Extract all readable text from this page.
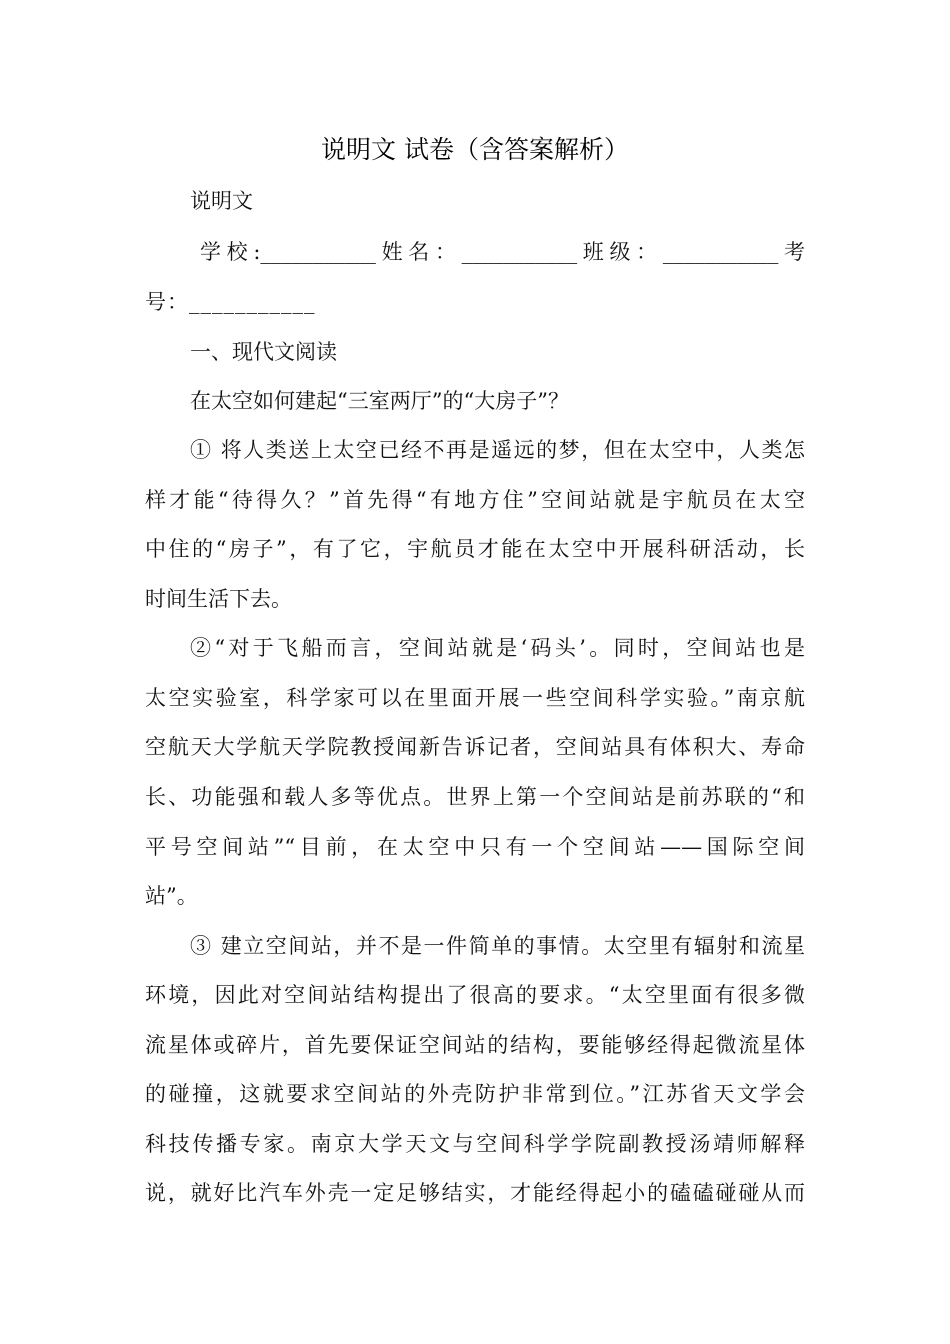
说明文 试卷（含答案解析）
说明文
学校:___________姓名：___________班级：___________考
号：___________
一、现代文阅读
在太空如何建起“三室两厅”的“大房子”？
① 将人类送上太空已经不再是遥远的梦，但在太空中，人类怎
样才能“待得久？”首先得“有地方住”空间站就是宇航员在太空
中住的“房子”，有了它，宇航员才能在太空中开展科研活动，长
时间生活下去。
②“对于飞船而言，空间站就是‘码头’。同时，空间站也是
太空实验室，科学家可以在里面开展一些空间科学实验。”南京航
空航天大学航天学院教授闻新告诉记者，空间站具有体积大、寿命
长、功能强和载人多等优点。世界上第一个空间站是前苏联的“和
平号空间站”“目前，在太空中只有一个空间站——国际空间
站”。
③ 建立空间站，并不是一件简单的事情。太空里有辐射和流星
环境，因此对空间站结构提出了很高的要求。“太空里面有很多微
流星体或碎片，首先要保证空间站的结构，要能够经得起微流星体
的碰撞，这就要求空间站的外壳防护非常到位。”江苏省天文学会
科技传播专家。南京大学天文与空间科学学院副教授汤靖师解释
说，就好比汽车外壳一定足够结实，才能经得起小的磕磕碰碰从而
